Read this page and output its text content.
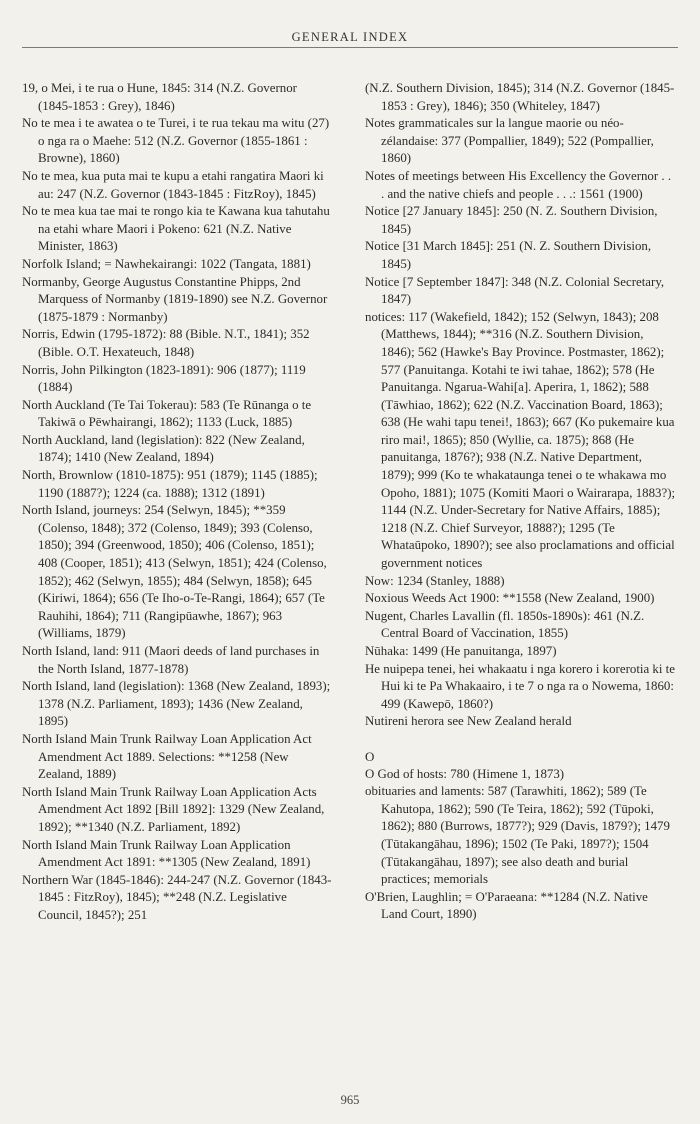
GENERAL INDEX

19, o Mei, i te rua o Hune, 1845: 314 (N.Z. Governor (1845-1853 : Grey), 1846)

No te mea i te awatea o te Turei, i te rua tekau ma witu (27) o nga ra o Maehe: 512 (N.Z. Governor (1855-1861 : Browne), 1860)

No te mea, kua puta mai te kupu a etahi rangatira Maori ki au: 247 (N.Z. Governor (1843-1845 : FitzRoy), 1845)

No te mea kua tae mai te rongo kia te Kawana kua tahutahu na etahi whare Maori i Pokeno: 621 (N.Z. Native Minister, 1863)

Norfolk Island; = Nawhekairangi: 1022 (Tangata, 1881)

Normanby, George Augustus Constantine Phipps, 2nd Marquess of Normanby (1819-1890) see N.Z. Governor (1875-1879 : Normanby)

Norris, Edwin (1795-1872): 88 (Bible. N.T., 1841); 352 (Bible. O.T. Hexateuch, 1848)

Norris, John Pilkington (1823-1891): 906 (1877); 1119 (1884)

North Auckland (Te Tai Tokerau): 583 (Te Rūnanga o te Takiwā o Pēwhairangi, 1862); 1133 (Luck, 1885)

North Auckland, land (legislation): 822 (New Zealand, 1874); 1410 (New Zealand, 1894)

North, Brownlow (1810-1875): 951 (1879); 1145 (1885); 1190 (1887?); 1224 (ca. 1888); 1312 (1891)

North Island, journeys: 254 (Selwyn, 1845); **359 (Colenso, 1848); 372 (Colenso, 1849); 393 (Colenso, 1850); 394 (Greenwood, 1850); 406 (Colenso, 1851); 408 (Cooper, 1851); 413 (Selwyn, 1851); 424 (Colenso, 1852); 462 (Selwyn, 1855); 484 (Selwyn, 1858); 645 (Kiriwi, 1864); 656 (Te Iho-o-Te-Rangi, 1864); 657 (Te Rauhihi, 1864); 711 (Rangipūawhe, 1867); 963 (Williams, 1879)

North Island, land: 911 (Maori deeds of land purchases in the North Island, 1877-1878)

North Island, land (legislation): 1368 (New Zealand, 1893); 1378 (N.Z. Parliament, 1893); 1436 (New Zealand, 1895)

North Island Main Trunk Railway Loan Application Act Amendment Act 1889. Selections: **1258 (New Zealand, 1889)

North Island Main Trunk Railway Loan Application Acts Amendment Act 1892 [Bill 1892]: 1329 (New Zealand, 1892); **1340 (N.Z. Parliament, 1892)

North Island Main Trunk Railway Loan Application Amendment Act 1891: **1305 (New Zealand, 1891)

Northern War (1845-1846): 244-247 (N.Z. Governor (1843-1845 : FitzRoy), 1845); **248 (N.Z. Legislative Council, 1845?); 251

(N.Z. Southern Division, 1845); 314 (N.Z. Governor (1845-1853 : Grey), 1846); 350 (Whiteley, 1847)

Notes grammaticales sur la langue maorie ou néo-zélandaise: 377 (Pompallier, 1849); 522 (Pompallier, 1860)

Notes of meetings between His Excellency the Governor . . . and the native chiefs and people . . .: 1561 (1900)

Notice [27 January 1845]: 250 (N. Z. Southern Division, 1845)

Notice [31 March 1845]: 251 (N. Z. Southern Division, 1845)

Notice [7 September 1847]: 348 (N.Z. Colonial Secretary, 1847)

notices: 117 (Wakefield, 1842); 152 (Selwyn, 1843); 208 (Matthews, 1844); **316 (N.Z. Southern Division, 1846); 562 (Hawke's Bay Province. Postmaster, 1862); 577 (Panuitanga. Kotahi te iwi tahae, 1862); 578 (He Panuitanga. Ngarua-Wahi[a]. Aperira, 1, 1862); 588 (Tāwhiao, 1862); 622 (N.Z. Vaccination Board, 1863); 638 (He wahi tapu tenei!, 1863); 667 (Ko pukemaire kua riro mai!, 1865); 850 (Wyllie, ca. 1875); 868 (He panuitanga, 1876?); 938 (N.Z. Native Department, 1879); 999 (Ko te whakataunga tenei o te whakawa mo Opoho, 1881); 1075 (Komiti Maori o Wairarapa, 1883?); 1144 (N.Z. Under-Secretary for Native Affairs, 1885); 1218 (N.Z. Chief Surveyor, 1888?); 1295 (Te Whataūpoko, 1890?); see also proclamations and official government notices

Now: 1234 (Stanley, 1888)

Noxious Weeds Act 1900: **1558 (New Zealand, 1900)

Nugent, Charles Lavallin (fl. 1850s-1890s): 461 (N.Z. Central Board of Vaccination, 1855)

Nūhaka: 1499 (He panuitanga, 1897)

He nuipepa tenei, hei whakaatu i nga korero i korerotia ki te Hui ki te Pa Whakaairo, i te 7 o nga ra o Nowema, 1860: 499 (Kawepō, 1860?)

Nutireni herora see New Zealand herald

O

O God of hosts: 780 (Himene 1, 1873)

obituaries and laments: 587 (Tarawhiti, 1862); 589 (Te Kahutopa, 1862); 590 (Te Teira, 1862); 592 (Tūpoki, 1862); 880 (Burrows, 1877?); 929 (Davis, 1879?); 1479 (Tūtakangāhau, 1896); 1502 (Te Paki, 1897?); 1504 (Tūtakangāhau, 1897); see also death and burial practices; memorials

O'Brien, Laughlin; = O'Paraeana: **1284 (N.Z. Native Land Court, 1890)

965
